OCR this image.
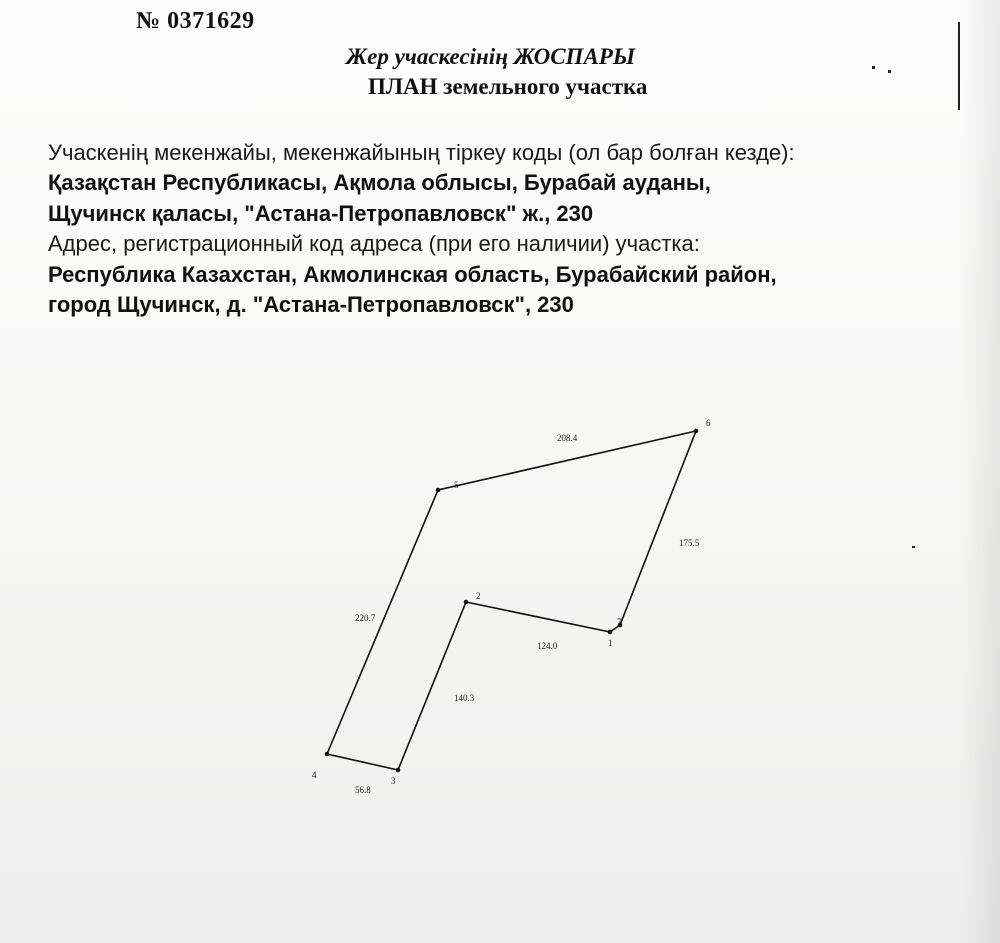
№ 0371629
Жер учаскесінің ЖОСПАРЫ
ПЛАН земельного участка
Учаскенің мекенжайы, мекенжайының тіркеу коды (ол бар болған кезде):
Қазақстан Республикасы, Ақмола облысы, Бурабай ауданы,
Щучинск қаласы, "Астана-Петропавловск" ж., 230
Адрес, регистрационный код адреса (при его наличии) участка:
Республика Казахстан, Акмолинская область, Бурабайский район,
город Щучинск, д. "Астана-Петропавловск", 230
1
2
3
4
5
6
7
124.0
140.3
56.8
220.7
208.4
175.5
